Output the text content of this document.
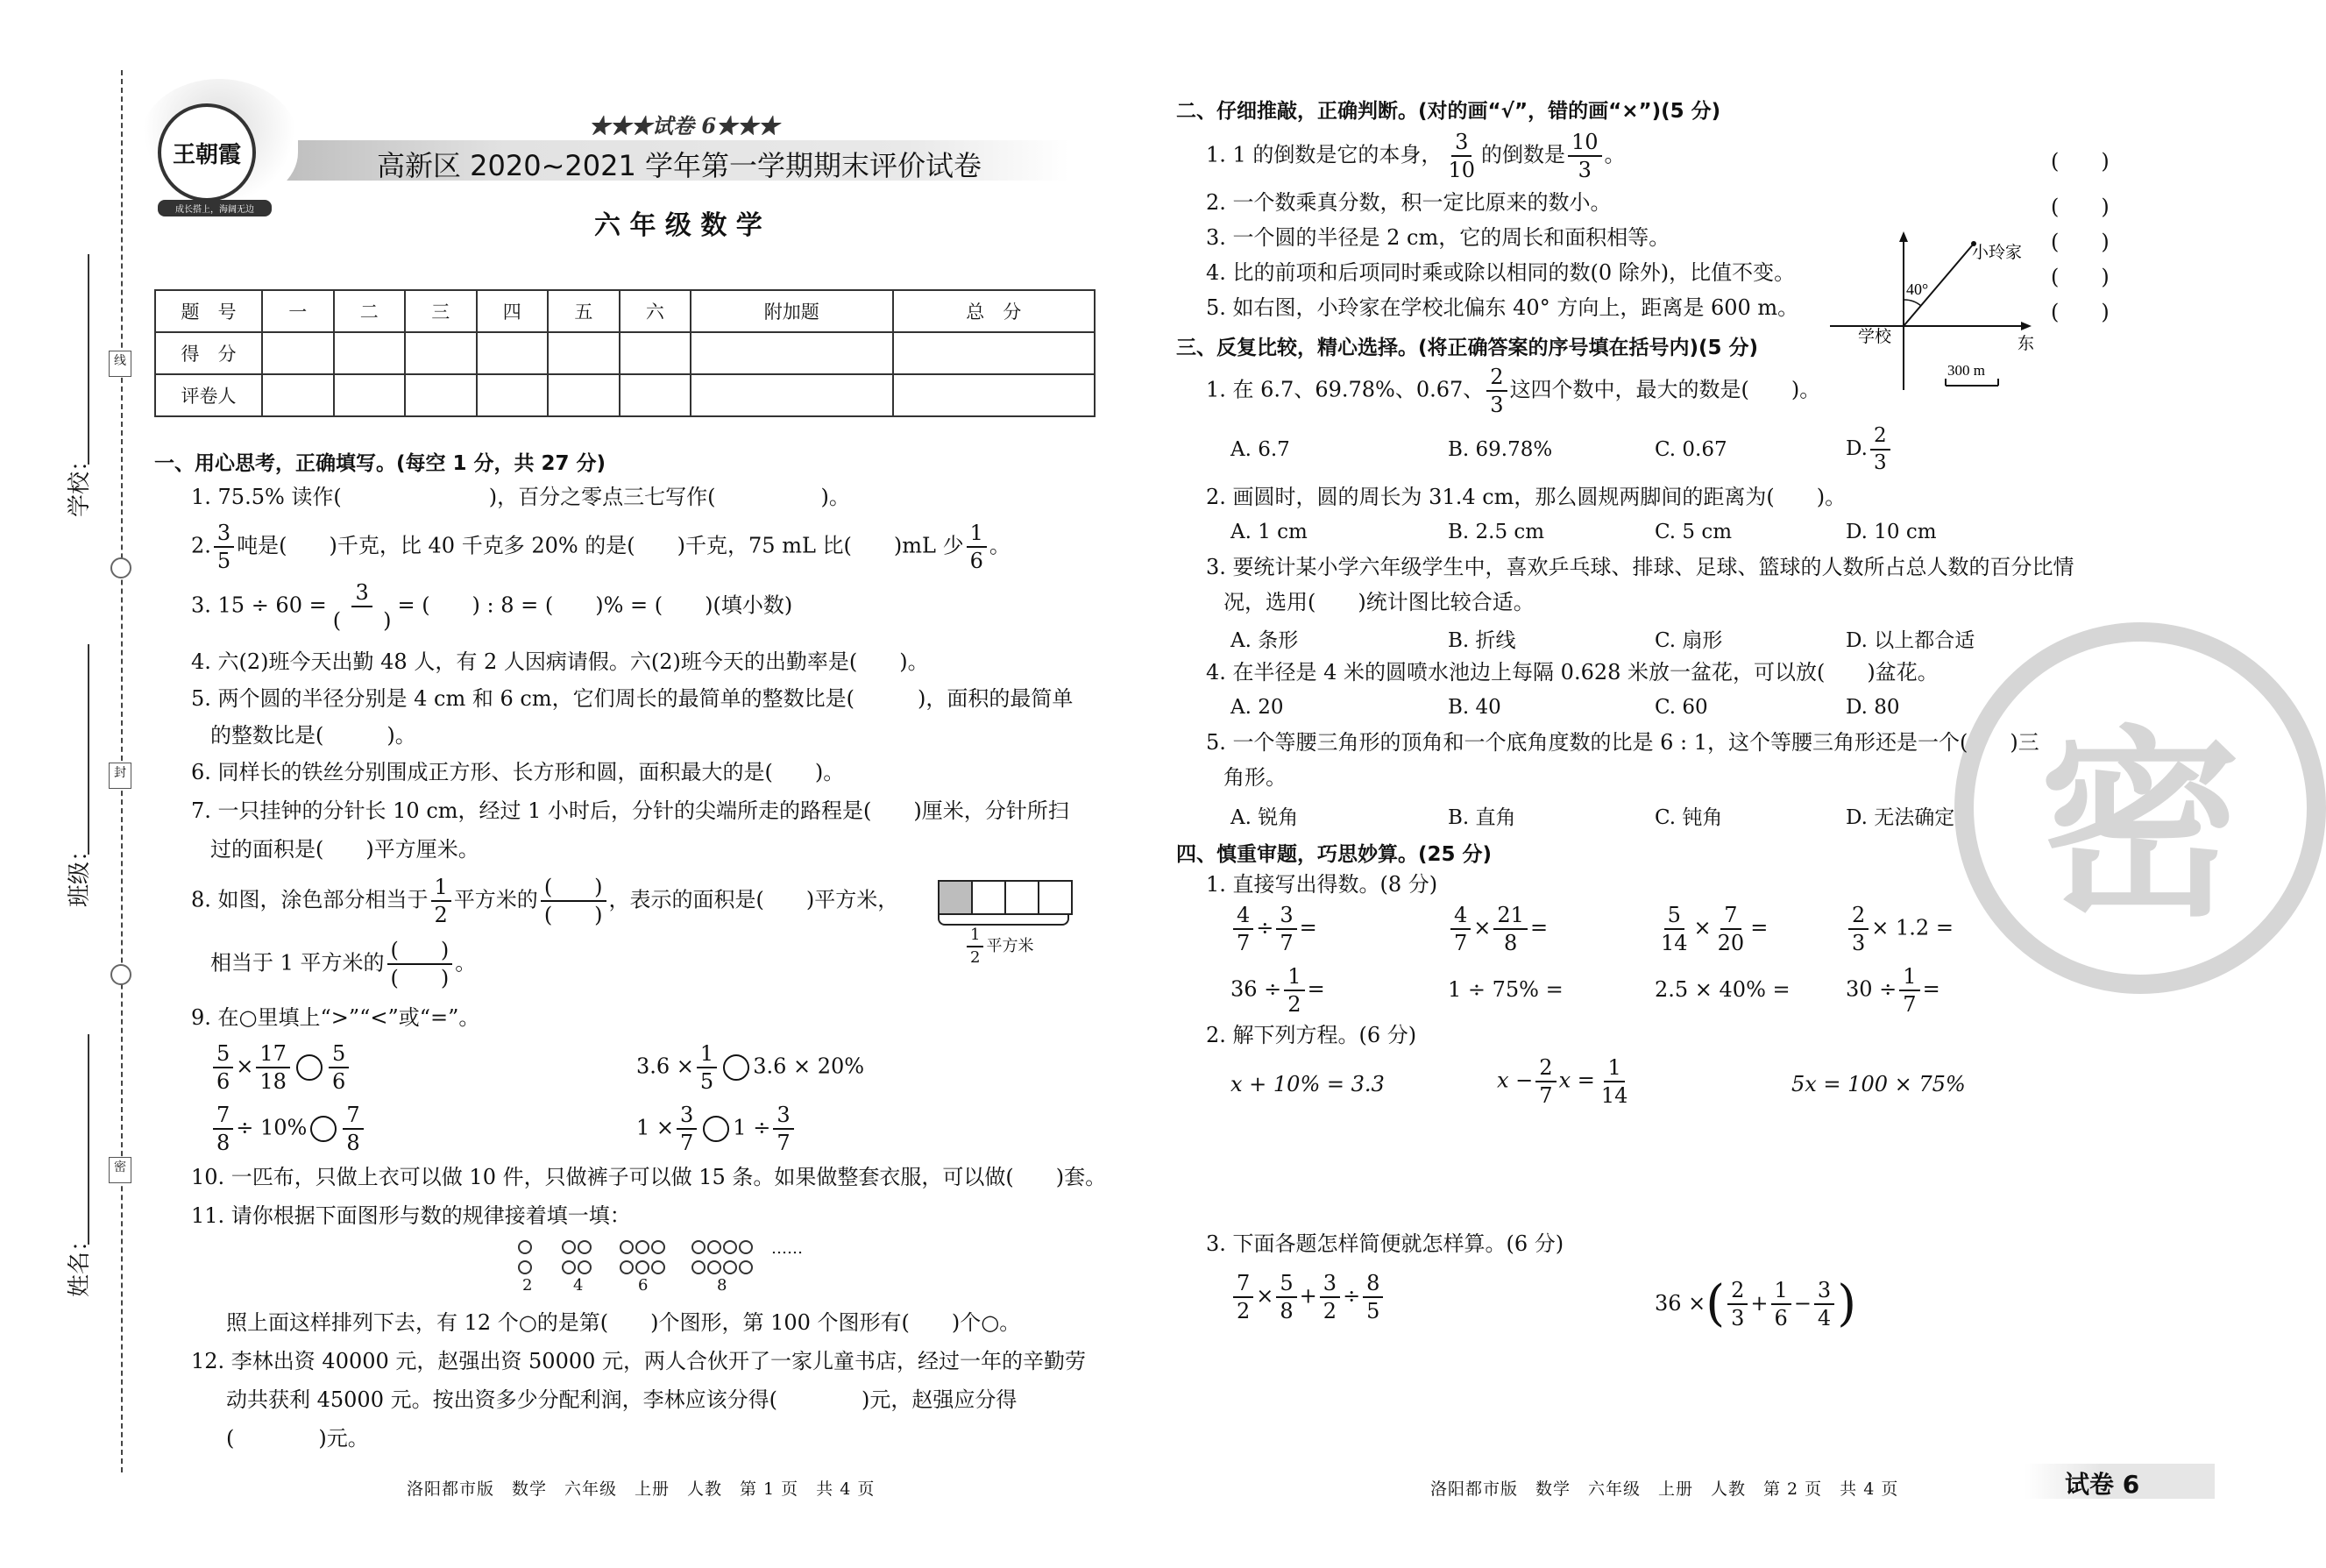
线
封
密
学校：
班级：
姓名：
王朝霞
成长搭上，海阔无边
★★★试卷 6★★★
高新区 2020~2021 学年第一学期期末评价试卷
六 年 级 数 学
题　号	一	二	三	四	五	六	附加题	总　分
得　分								
评卷人								
一、用心思考，正确填写。(每空 1 分，共 27 分)
1. 75.5% 读作(　　　　　　　)，百分之零点三七写作(　　　　　)。
2. $\frac{3}{5}$ 吨是(　　)千克，比 40 千克多 20% 的是(　　)千克，75 mL 比(　　)mL 少 $\frac{1}{6}$ 。
3. 15 ÷ 60 =
3
(　　)
= (　　) : 8 = (　　)% = (　　)(填小数)
4. 六(2)班今天出勤 48 人，有 2 人因病请假。六(2)班今天的出勤率是(　　)。
5. 两个圆的半径分别是 4 cm 和 6 cm，它们周长的最简单的整数比是(　　　)，面积的最简单
的整数比是(　　　)。
6. 同样长的铁丝分别围成正方形、长方形和圆，面积最大的是(　　)。
7. 一只挂钟的分针长 10 cm，经过 1 小时后，分针的尖端所走的路程是(　　)厘米，分针所扫
过的面积是(　　)平方厘米。
8. 如图，涂色部分相当于 $\frac{1}{2}$ 平方米的
(　　)
(　　)
，表示的面积是(　　)平方米，
相当于 1 平方米的
(　　)
(　　)
。	$\frac{1}{2}$ 平方米
9. 在○里填上“>”“<”或“=”。
$\frac{5}{6} \times \frac{17}{18} \frac{5}{6}$	$3.6 \times \frac{1}{5} 3.6 \times 20\%$
$\frac{7}{8} \div 10\% \frac{7}{8}$	$1 \times \frac{3}{7} 1 \div \frac{3}{7}$
10. 一匹布，只做上衣可以做 10 件，只做裤子可以做 15 条。如果做整套衣服，可以做(　　)套。
11. 请你根据下面图形与数的规律接着填一填：
……
2	4	6	8
照上面这样排列下去，有 12 个○的是第(　　)个图形，第 100 个图形有(　　)个○。
12. 李林出资 40000 元，赵强出资 50000 元，两人合伙开了一家儿童书店，经过一年的辛勤劳
动共获利 45000 元。按出资多少分配利润，李林应该分得(　　　　)元，赵强应分得
(　　　　)元。
洛阳都市版　数学　六年级　上册　人教　第 1 页　共 4 页
密
二、仔细推敲，正确判断。(对的画“√”，错的画“×”)(5 分)
1. 1 的倒数是它的本身， $\frac{3}{10}$ 的倒数是 $\frac{10}{3}$ 。	(　　)
2. 一个数乘真分数，积一定比原来的数小。	(　　)
3. 一个圆的半径是 2 cm，它的周长和面积相等。	(　　)
4. 比的前项和后项同时乘或除以相同的数(0 除外)，比值不变。	(　　)
5. 如右图，小玲家在学校北偏东 40° 方向上，距离是 600 m。	(　　)
小玲家
40°
学校	东
300 m
三、反复比较，精心选择。(将正确答案的序号填在括号内)(5 分)
1. 在 6.7、69.78%、0.67、 $\frac{2}{3}$ 这四个数中，最大的数是(　　)。
A. 6.7	B. 69.78%	C. 0.67	D. $\frac{2}{3}$
2. 画圆时，圆的周长为 31.4 cm，那么圆规两脚间的距离为(　　)。
A. 1 cm	B. 2.5 cm	C. 5 cm	D. 10 cm
3. 要统计某小学六年级学生中，喜欢乒乓球、排球、足球、篮球的人数所占总人数的百分比情
况，选用(　　)统计图比较合适。
A. 条形	B. 折线	C. 扇形	D. 以上都合适
4. 在半径是 4 米的圆喷水池边上每隔 0.628 米放一盆花，可以放(　　)盆花。
A. 20	B. 40	C. 60	D. 80
5. 一个等腰三角形的顶角和一个底角度数的比是 6 : 1，这个等腰三角形还是一个(　　)三
角形。
A. 锐角	B. 直角	C. 钝角	D. 无法确定
四、慎重审题，巧思妙算。(25 分)
1. 直接写出得数。(8 分)
$\frac{4}{7} \div \frac{3}{7}$ =	$\frac{4}{7} \times \frac{21}{8}$ =	$\frac{5}{14} \times \frac{7}{20}$ =	$\frac{2}{3} \times 1.2$ =
$36 \div \frac{1}{2}$ =	1 ÷ 75% =	2.5 × 40% =	$30 \div \frac{1}{7}$ =
2. 解下列方程。(6 分)
x + 10% = 3.3	$x - \frac{2}{7}$ $x = \frac{1}{14}$	5x = 100 × 75%
3. 下面各题怎样简便就怎样算。(6 分)
$\frac{7}{2} \times \frac{5}{8} + \frac{3}{2} \div \frac{8}{5}$	36 ×( $\frac{2}{3} + \frac{1}{6} - \frac{3}{4}$ )
洛阳都市版　数学　六年级　上册　人教　第 2 页　共 4 页	试卷 6
